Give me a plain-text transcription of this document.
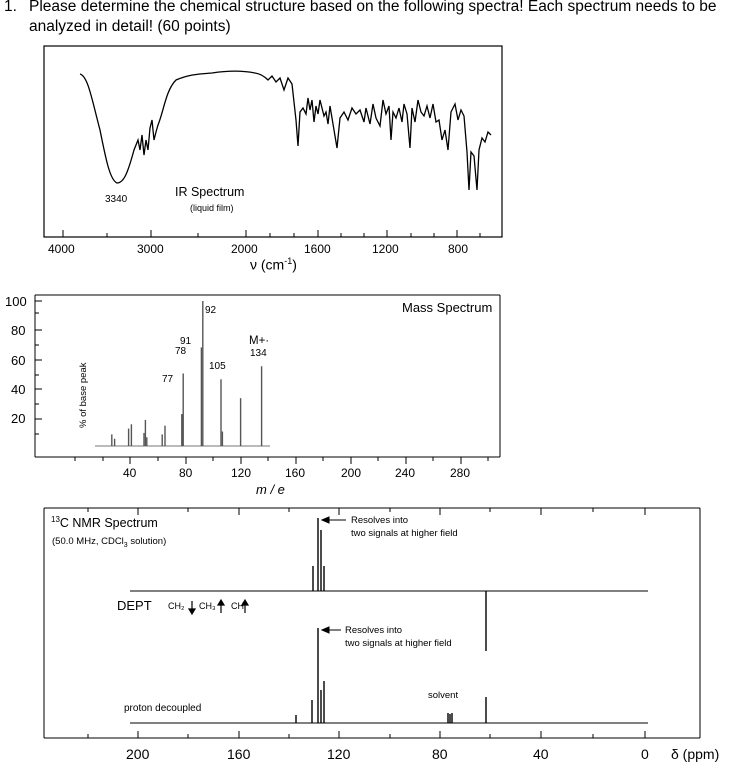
1. Please determine the chemical structure based on the following spectra! Each spectrum needs to be analyzed in detail! (60 points)
3340
IR Spectrum
(liquid film)
4000	3000	2000	1600	1200	800
ν $(cm^{-1})$
Mass Spectrum
% of base peak
100
80
60
40
20
40	80	120	160	200	240	280
m / e
92
91
78
77
105
M+·
134
$^{13}$C NMR Spectrum
(50.0 MHz, CDCl$_3$ solution)
Resolves into
two signals at higher field
DEPT CH₂ CH₃ CH
Resolves into
two signals at higher field
solvent
proton decoupled
200	160	120	80	40	0 δ (ppm)
